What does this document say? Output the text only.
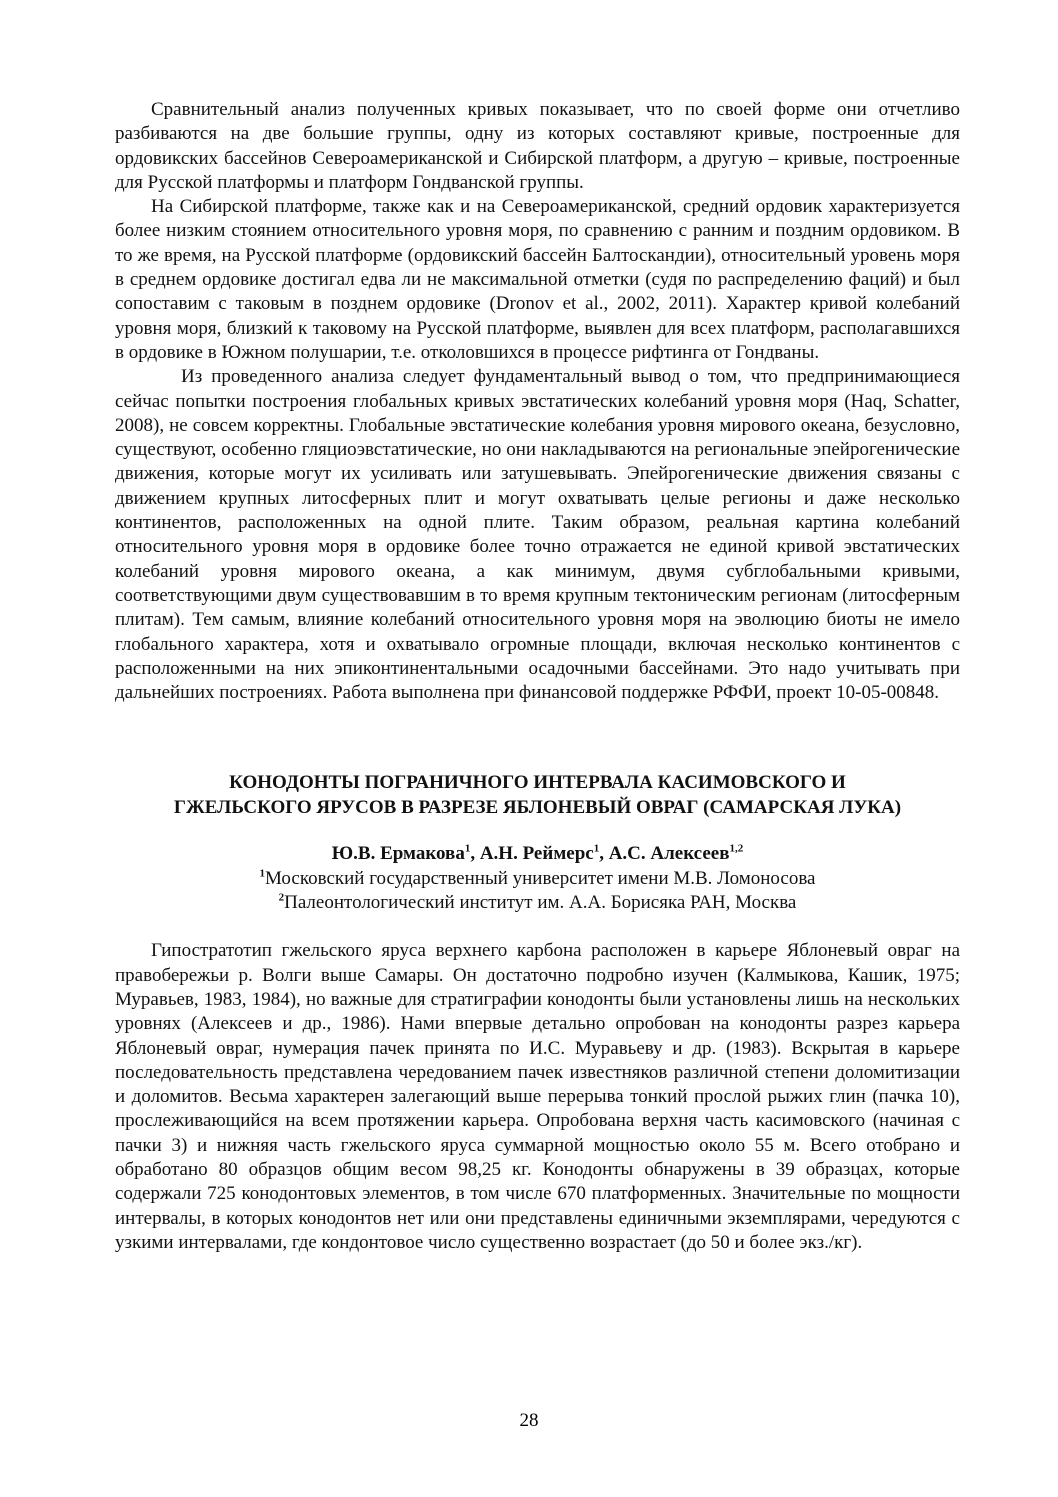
Сравнительный анализ полученных кривых показывает, что по своей форме они отчетливо разбиваются на две большие группы, одну из которых составляют кривые, построенные для ордовикских бассейнов Североамериканской и Сибирской платформ, а другую – кривые, построенные для Русской платформы и платформ Гондванской группы.

На Сибирской платформе, также как и на Североамериканской, средний ордовик характеризуется более низким стоянием относительного уровня моря, по сравнению с ранним и поздним ордовиком. В то же время, на Русской платформе (ордовикский бассейн Балтоскандии), относительный уровень моря в среднем ордовике достигал едва ли не максимальной отметки (судя по распределению фаций) и был сопоставим с таковым в позднем ордовике (Dronov et al., 2002, 2011). Характер кривой колебаний уровня моря, близкий к таковому на Русской платформе, выявлен для всех платформ, располагавшихся в ордовике в Южном полушарии, т.е. отколовшихся в процессе рифтинга от Гондваны.

Из проведенного анализа следует фундаментальный вывод о том, что предпринимающиеся сейчас попытки построения глобальных кривых эвстатических колебаний уровня моря (Haq, Schatter, 2008), не совсем корректны. Глобальные эвстатические колебания уровня мирового океана, безусловно, существуют, особенно гляциоэвстатические, но они накладываются на региональные эпейрогенические движения, которые могут их усиливать или затушевывать. Эпейрогенические движения связаны с движением крупных литосферных плит и могут охватывать целые регионы и даже несколько континентов, расположенных на одной плите. Таким образом, реальная картина колебаний относительного уровня моря в ордовике более точно отражается не единой кривой эвстатических колебаний уровня мирового океана, а как минимум, двумя субглобальными кривыми, соответствующими двум существовавшим в то время крупным тектоническим регионам (литосферным плитам). Тем самым, влияние колебаний относительного уровня моря на эволюцию биоты не имело глобального характера, хотя и охватывало огромные площади, включая несколько континентов с расположенными на них эпиконтинентальными осадочными бассейнами. Это надо учитывать при дальнейших построениях. Работа выполнена при финансовой поддержке РФФИ, проект 10-05-00848.

КОНОДОНТЫ ПОГРАНИЧНОГО ИНТЕРВАЛА КАСИМОВСКОГО И
ГЖЕЛЬСКОГО ЯРУСОВ В РАЗРЕЗЕ ЯБЛОНЕВЫЙ ОВРАГ (САМАРСКАЯ ЛУКА)
Ю.В. Ермакова$^1$, А.Н. Реймерс$^1$, А.С. Алексеев$^{1,2}$
$^1$Московский государственный университет имени М.В. Ломоносова
$^2$Палеонтологический институт им. А.А. Борисяка РАН, Москва

Гипостратотип гжельского яруса верхнего карбона расположен в карьере Яблоневый овраг на правобережьи р. Волги выше Самары. Он достаточно подробно изучен (Калмыкова, Кашик, 1975; Муравьев, 1983, 1984), но важные для стратиграфии конодонты были установлены лишь на нескольких уровнях (Алексеев и др., 1986). Нами впервые детально опробован на конодонты разрез карьера Яблоневый овраг, нумерация пачек принята по И.С. Муравьеву и др. (1983). Вскрытая в карьере последовательность представлена чередованием пачек известняков различной степени доломитизации и доломитов. Весьма характерен залегающий выше перерыва тонкий прослой рыжих глин (пачка 10), прослеживающийся на всем протяжении карьера. Опробована верхня часть касимовского (начиная с пачки 3) и нижняя часть гжельского яруса суммарной мощностью около 55 м. Всего отобрано и обработано 80 образцов общим весом 98,25 кг. Конодонты обнаружены в 39 образцах, которые содержали 725 конодонтовых элементов, в том числе 670 платформенных. Значительные по мощности интервалы, в которых конодонтов нет или они представлены единичными экземплярами, чередуются с узкими интервалами, где кондонтовое число существенно возрастает (до 50 и более экз./кг).

28
